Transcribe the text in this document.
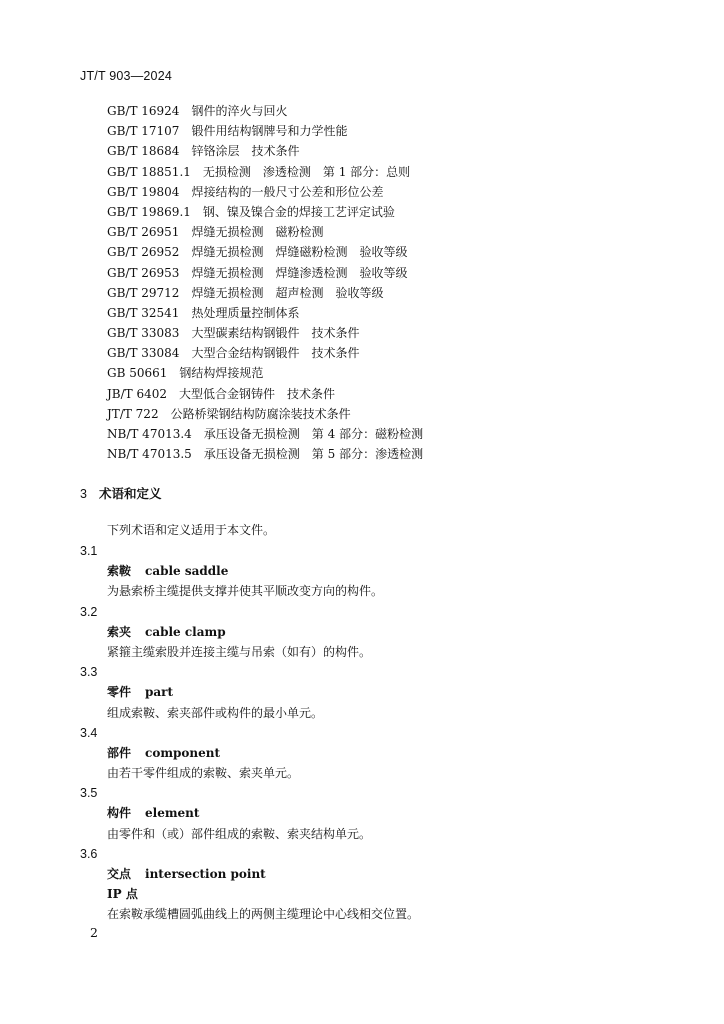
JT/T 903—2024
GB/T 16924　钢件的淬火与回火
GB/T 17107　锻件用结构钢牌号和力学性能
GB/T 18684　锌铬涂层　技术条件
GB/T 18851.1　无损检测　渗透检测　第 1 部分：总则
GB/T 19804　焊接结构的一般尺寸公差和形位公差
GB/T 19869.1　钢、镍及镍合金的焊接工艺评定试验
GB/T 26951　焊缝无损检测　磁粉检测
GB/T 26952　焊缝无损检测　焊缝磁粉检测　验收等级
GB/T 26953　焊缝无损检测　焊缝渗透检测　验收等级
GB/T 29712　焊缝无损检测　超声检测　验收等级
GB/T 32541　热处理质量控制体系
GB/T 33083　大型碳素结构钢锻件　技术条件
GB/T 33084　大型合金结构钢锻件　技术条件
GB 50661　钢结构焊接规范
JB/T 6402　大型低合金钢铸件　技术条件
JT/T 722　公路桥梁钢结构防腐涂装技术条件
NB/T 47013.4　承压设备无损检测　第 4 部分：磁粉检测
NB/T 47013.5　承压设备无损检测　第 5 部分：渗透检测
3 术语和定义
下列术语和定义适用于本文件。
3.1
索鞍 cable saddle
为悬索桥主缆提供支撑并使其平顺改变方向的构件。
3.2
索夹 cable clamp
紧箍主缆索股并连接主缆与吊索（如有）的构件。
3.3
零件 part
组成索鞍、索夹部件或构件的最小单元。
3.4
部件 component
由若干零件组成的索鞍、索夹单元。
3.5
构件 element
由零件和（或）部件组成的索鞍、索夹结构单元。
3.6
交点 intersection point
IP 点
在索鞍承缆槽圆弧曲线上的两侧主缆理论中心线相交位置。
2
